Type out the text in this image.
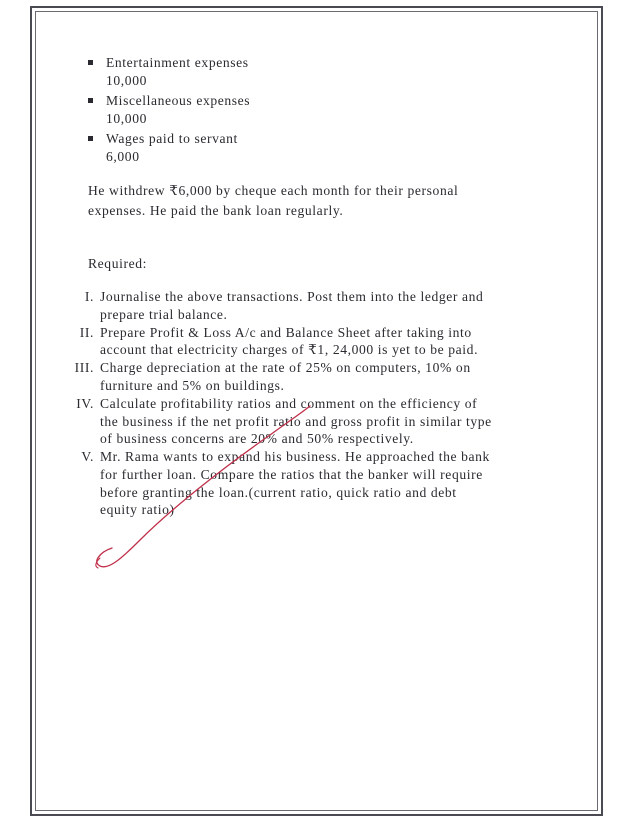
Entertainment expenses
10,000
Miscellaneous expenses
10,000
Wages paid to servant
6,000
He withdrew ₹6,000 by cheque each month for their personal
expenses. He paid the bank loan regularly.
Required:
I. Journalise the above transactions. Post them into the ledger and
prepare trial balance.
II. Prepare Profit & Loss A/c and Balance Sheet after taking into
account that electricity charges of ₹1, 24,000 is yet to be paid.
III. Charge depreciation at the rate of 25% on computers, 10% on
furniture and 5% on buildings.
IV. Calculate profitability ratios and comment on the efficiency of
the business if the net profit ratio and gross profit in similar type
of business concerns are 20% and 50% respectively.
V. Mr. Rama wants to expand his business. He approached the bank
for further loan. Compare the ratios that the banker will require
before granting the loan.(current ratio, quick ratio and debt
equity ratio)
